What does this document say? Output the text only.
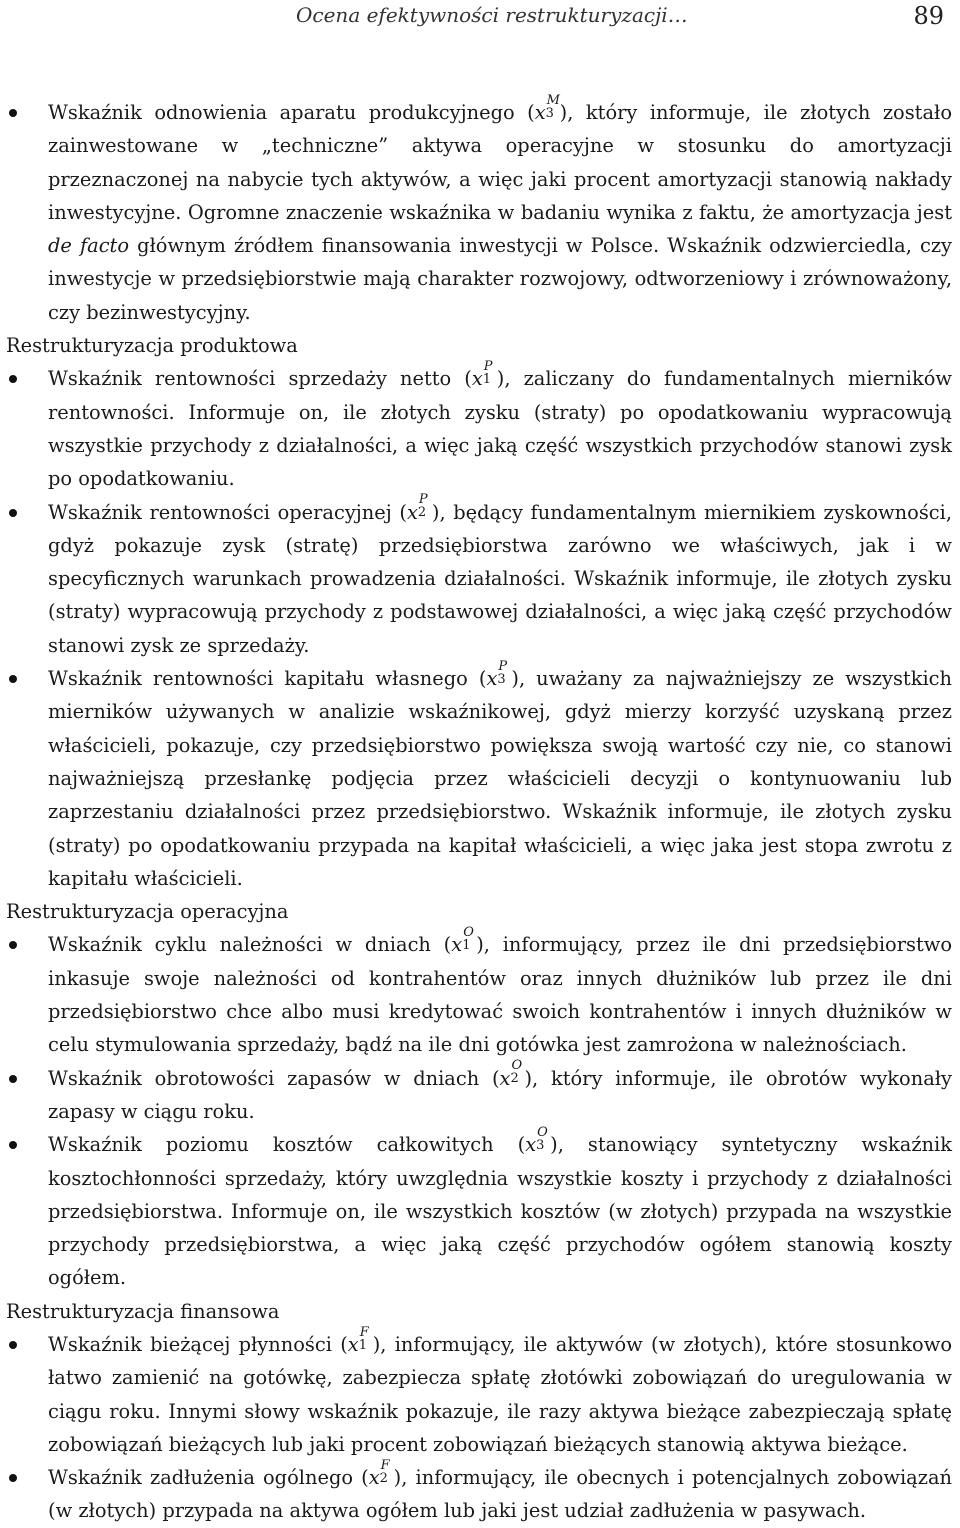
Ocena efektywności restrukturyzacji…	89

Wskaźnik odnowienia aparatu produkcyjnego (x
M
3 ), który informuje, ile złotych zostało zainwestowane w „techniczne” aktywa operacyjne w stosunku do amortyzacji przeznaczonej na nabycie tych aktywów, a więc jaki procent amortyzacji stanowią nakłady inwestycyjne. Ogromne znaczenie wskaźnika w badaniu wynika z faktu, że amortyzacja jest de facto głównym źródłem finansowania inwestycji w Polsce. Wskaźnik odzwierciedla, czy inwestycje w przedsiębiorstwie mają charakter rozwojowy, odtworzeniowy i zrównoważony, czy bezinwestycyjny.

Restrukturyzacja produktowa

Wskaźnik rentowności sprzedaży netto (x
P
1 ), zaliczany do fundamentalnych mierników rentowności. Informuje on, ile złotych zysku (straty) po opodatkowaniu wypracowują wszystkie przychody z działalności, a więc jaką część wszystkich przychodów stanowi zysk po opodatkowaniu.

Wskaźnik rentowności operacyjnej (x
P
2 ), będący fundamentalnym miernikiem zyskowności, gdyż pokazuje zysk (stratę) przedsiębiorstwa zarówno we właściwych, jak i w specyficznych warunkach prowadzenia działalności. Wskaźnik informuje, ile złotych zysku (straty) wypracowują przychody z podstawowej działalności, a więc jaką część przychodów stanowi zysk ze sprzedaży.

Wskaźnik rentowności kapitału własnego (x
P
3 ), uważany za najważniejszy ze wszystkich mierników używanych w analizie wskaźnikowej, gdyż mierzy korzyść uzyskaną przez właścicieli, pokazuje, czy przedsiębiorstwo powiększa swoją wartość czy nie, co stanowi najważniejszą przesłankę podjęcia przez właścicieli decyzji o kontynuowaniu lub zaprzestaniu działalności przez przedsiębiorstwo. Wskaźnik informuje, ile złotych zysku (straty) po opodatkowaniu przypada na kapitał właścicieli, a więc jaka jest stopa zwrotu z kapitału właścicieli.

Restrukturyzacja operacyjna

Wskaźnik cyklu należności w dniach (x
O
1 ), informujący, przez ile dni przedsiębiorstwo inkasuje swoje należności od kontrahentów oraz innych dłużników lub przez ile dni przedsiębiorstwo chce albo musi kredytować swoich kontrahentów i innych dłużników w celu stymulowania sprzedaży, bądź na ile dni gotówka jest zamrożona w należnościach.

Wskaźnik obrotowości zapasów w dniach (x
O
2 ), który informuje, ile obrotów wykonały zapasy w ciągu roku.

Wskaźnik poziomu kosztów całkowitych (x
O
3 ), stanowiący syntetyczny wskaźnik kosztochłonności sprzedaży, który uwzględnia wszystkie koszty i przychody z działalności przedsiębiorstwa. Informuje on, ile wszystkich kosztów (w złotych) przypada na wszystkie przychody przedsiębiorstwa, a więc jaką część przychodów ogółem stanowią koszty ogółem.

Restrukturyzacja finansowa

Wskaźnik bieżącej płynności (x
F
1 ), informujący, ile aktywów (w złotych), które stosunkowo łatwo zamienić na gotówkę, zabezpiecza spłatę złotówki zobowiązań do uregulowania w ciągu roku. Innymi słowy wskaźnik pokazuje, ile razy aktywa bieżące zabezpieczają spłatę zobowiązań bieżących lub jaki procent zobowiązań bieżących stanowią aktywa bieżące.

Wskaźnik zadłużenia ogólnego (x
F
2 ), informujący, ile obecnych i potencjalnych zobowiązań (w złotych) przypada na aktywa ogółem lub jaki jest udział zadłużenia w pasywach.
